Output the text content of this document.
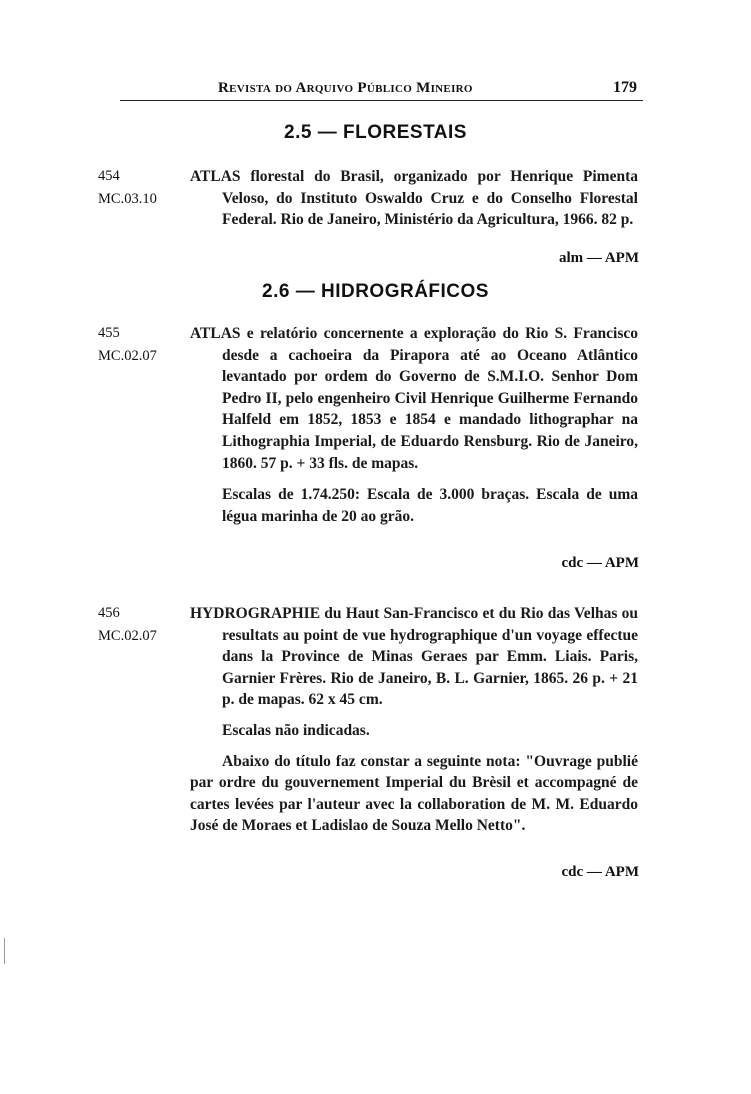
Revista do Arquivo Público Mineiro	179
2.5 — FLORESTAIS
454
MC.03.10

ATLAS florestal do Brasil, organizado por Henrique Pimenta Veloso, do Instituto Oswaldo Cruz e do Conselho Florestal Federal. Rio de Janeiro, Ministério da Agricultura, 1966. 82 p.

alm — APM
2.6 — HIDROGRÁFICOS
455
MC.02.07

ATLAS e relatório concernente a exploração do Rio S. Francisco desde a cachoeira da Pirapora até ao Oceano Atlântico levantado por ordem do Governo de S.M.I.O. Senhor Dom Pedro II, pelo engenheiro Civil Henrique Guilherme Fernando Halfeld em 1852, 1853 e 1854 e mandado lithographar na Lithographia Imperial, de Eduardo Rensburg. Rio de Janeiro, 1860. 57 p. + 33 fls. de mapas.

Escalas de 1.74.250: Escala de 3.000 braças. Escala de uma légua marinha de 20 ao grão.

cdc — APM
456
MC.02.07

HYDROGRAPHIE du Haut San-Francisco et du Rio das Velhas ou resultats au point de vue hydrographique d'un voyage effectue dans la Province de Minas Geraes par Emm. Liais. Paris, Garnier Frères. Rio de Janeiro, B. L. Garnier, 1865. 26 p. + 21 p. de mapas. 62 x 45 cm.

Escalas não indicadas.

Abaixo do título faz constar a seguinte nota: "Ouvrage publié par ordre du gouvernement Imperial du Brèsil et accompagné de cartes levées par l'auteur avec la collaboration de M. M. Eduardo José de Moraes et Ladislao de Souza Mello Netto".

cdc — APM
